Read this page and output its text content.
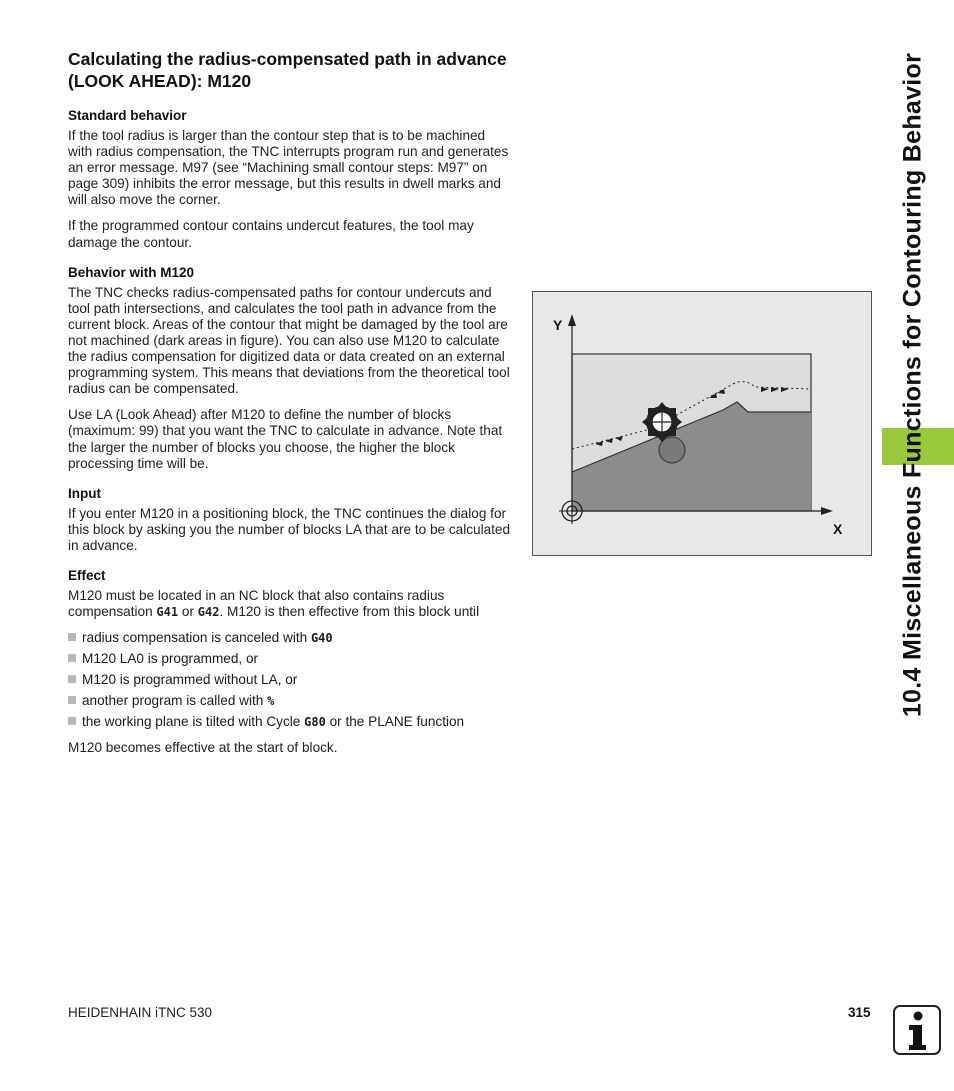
Calculating the radius-compensated path in advance (LOOK AHEAD): M120
Standard behavior

If the tool radius is larger than the contour step that is to be machined with radius compensation, the TNC interrupts program run and generates an error message. M97 (see “Machining small contour steps: M97” on page 309) inhibits the error message, but this results in dwell marks and will also move the corner.

If the programmed contour contains undercut features, the tool may damage the contour.

Behavior with M120

The TNC checks radius-compensated paths for contour undercuts and tool path intersections, and calculates the tool path in advance from the current block. Areas of the contour that might be damaged by the tool are not machined (dark areas in figure). You can also use M120 to calculate the radius compensation for digitized data or data created on an external programming system. This means that deviations from the theoretical tool radius can be compensated.

Use LA (Look Ahead) after M120 to define the number of blocks (maximum: 99) that you want the TNC to calculate in advance. Note that the larger the number of blocks you choose, the higher the block processing time will be.

Input

If you enter M120 in a positioning block, the TNC continues the dialog for this block by asking you the number of blocks LA that are to be calculated in advance.

Effect

M120 must be located in an NC block that also contains radius compensation G41 or G42. M120 is then effective from this block until

radius compensation is canceled with G40
M120 LA0 is programmed, or
M120 is programmed without LA, or
another program is called with %
the working plane is tilted with Cycle G80 or the PLANE function

M120 becomes effective at the start of block.

Y
X 10.4 Miscellaneous Functions for Contouring Behavior
HEIDENHAIN iTNC 530	315
